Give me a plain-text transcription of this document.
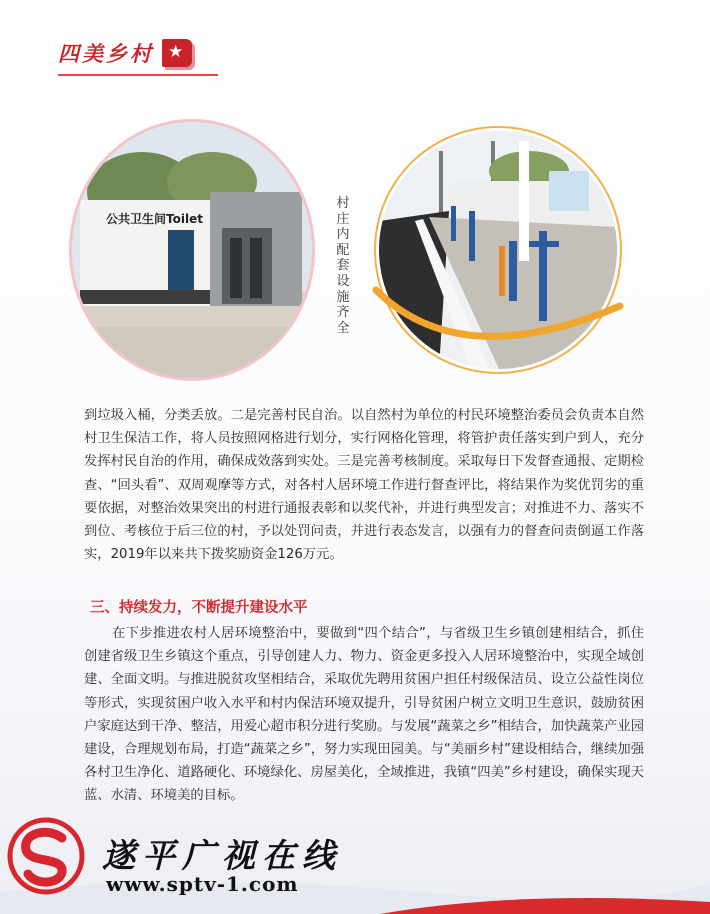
四美乡村 ★
公共卫生间Toilet
村庄内配套设施齐全

到垃圾入桶，分类丢放。二是完善村民自治。以自然村为单位的村民环境整治委员会负责本自然村卫生保洁工作，将人员按照网格进行划分，实行网格化管理，将管护责任落实到户到人，充分发挥村民自治的作用，确保成效落到实处。三是完善考核制度。采取每日下发督查通报、定期检查、“回头看”、双周观摩等方式，对各村人居环境工作进行督查评比，将结果作为奖优罚劣的重要依据，对整治效果突出的村进行通报表彰和以奖代补，并进行典型发言；对推进不力、落实不到位、考核位于后三位的村，予以处罚问责，并进行表态发言，以强有力的督查问责倒逼工作落实，2019年以来共下拨奖励资金126万元。

三、持续发力，不断提升建设水平

在下步推进农村人居环境整治中，要做到“四个结合”，与省级卫生乡镇创建相结合，抓住创建省级卫生乡镇这个重点，引导创建人力、物力、资金更多投入人居环境整治中，实现全域创建、全面文明。与推进脱贫攻坚相结合，采取优先聘用贫困户担任村级保洁员、设立公益性岗位等形式，实现贫困户收入水平和村内保洁环境双提升，引导贫困户树立文明卫生意识，鼓励贫困户家庭达到干净、整洁，用爱心超市积分进行奖励。与发展“蔬菜之乡”相结合，加快蔬菜产业园建设，合理规划布局，打造“蔬菜之乡”，努力实现田园美。与“美丽乡村”建设相结合，继续加强各村卫生净化、道路硬化、环境绿化、房屋美化，全域推进，我镇“四美”乡村建设，确保实现天蓝、水清、环境美的目标。

遂平广视在线
www.sptv-1.com
